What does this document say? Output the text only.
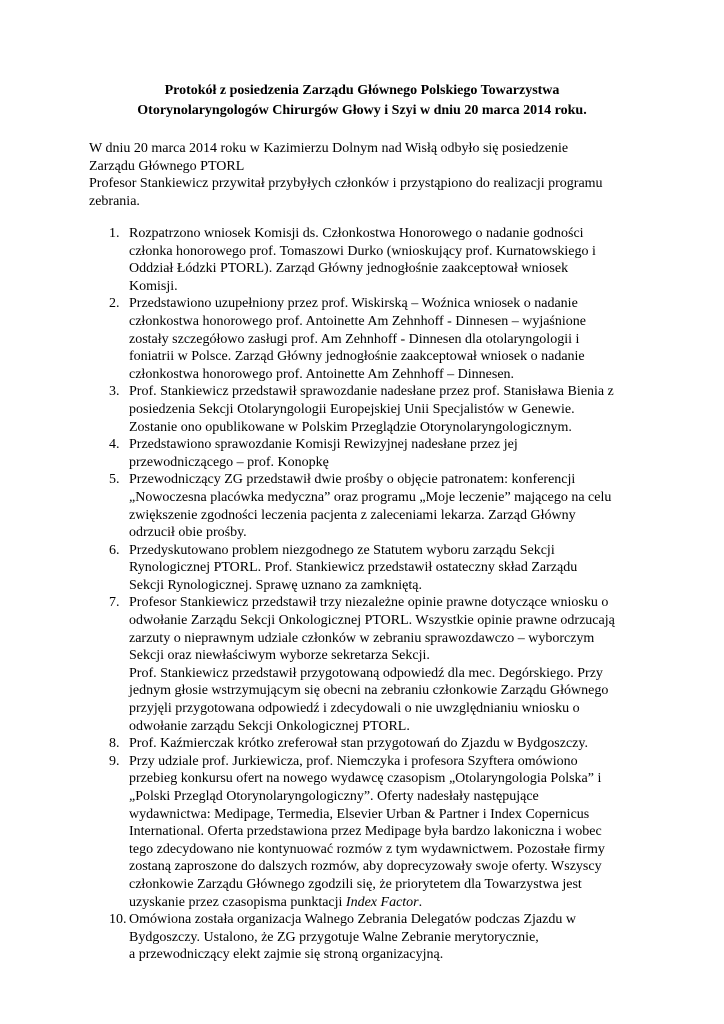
Protokół z posiedzenia Zarządu Głównego Polskiego Towarzystwa
Otorynolaryngologów Chirurgów Głowy i Szyi w dniu 20 marca 2014 roku.
W dniu 20 marca 2014 roku w Kazimierzu Dolnym nad Wisłą odbyło się posiedzenie
Zarządu Głównego PTORL
Profesor Stankiewicz przywitał przybyłych członków i przystąpiono do realizacji programu
zebrania.
1. Rozpatrzono wniosek Komisji ds. Członkostwa Honorowego o nadanie godności
członka honorowego prof. Tomaszowi Durko (wnioskujący prof. Kurnatowskiego i
Oddział Łódzki PTORL). Zarząd Główny jednogłośnie zaakceptował wniosek
Komisji.
2. Przedstawiono uzupełniony przez prof. Wiskirską – Woźnica wniosek o nadanie
członkostwa honorowego prof. Antoinette Am Zehnhoff - Dinnesen – wyjaśnione
zostały szczegółowo zasługi prof. Am Zehnhoff - Dinnesen dla otolaryngologii i
foniatrii w Polsce. Zarząd Główny jednogłośnie zaakceptował wniosek o nadanie
członkostwa honorowego prof. Antoinette Am Zehnhoff – Dinnesen.
3. Prof. Stankiewicz przedstawił sprawozdanie nadesłane przez prof. Stanisława Bienia z
posiedzenia Sekcji Otolaryngologii Europejskiej Unii Specjalistów w Genewie.
Zostanie ono opublikowane w Polskim Przeglądzie Otorynolaryngologicznym.
4. Przedstawiono sprawozdanie Komisji Rewizyjnej nadesłane przez jej
przewodniczącego – prof. Konopkę
5. Przewodniczący ZG przedstawił dwie prośby o objęcie patronatem: konferencji
„Nowoczesna placówka medyczna” oraz programu „Moje leczenie” mającego na celu
zwiększenie zgodności leczenia pacjenta z zaleceniami lekarza. Zarząd Główny
odrzucił obie prośby.
6. Przedyskutowano problem niezgodnego ze Statutem wyboru zarządu Sekcji
Rynologicznej PTORL. Prof. Stankiewicz przedstawił ostateczny skład Zarządu
Sekcji Rynologicznej. Sprawę uznano za zamkniętą.
7. Profesor Stankiewicz przedstawił trzy niezależne opinie prawne dotyczące wniosku o
odwołanie Zarządu Sekcji Onkologicznej PTORL. Wszystkie opinie prawne odrzucają
zarzuty o nieprawnym udziale członków w zebraniu sprawozdawczo – wyborczym
Sekcji oraz niewłaściwym wyborze sekretarza Sekcji.
Prof. Stankiewicz przedstawił przygotowaną odpowiedź dla mec. Degórskiego. Przy
jednym głosie wstrzymującym się obecni na zebraniu członkowie Zarządu Głównego
przyjęli przygotowana odpowiedź i zdecydowali o nie uwzględnianiu wniosku o
odwołanie zarządu Sekcji Onkologicznej PTORL.
8. Prof. Kaźmierczak krótko zreferował stan przygotowań do Zjazdu w Bydgoszczy.
9. Przy udziale prof. Jurkiewicza, prof. Niemczyka i profesora Szyftera omówiono
przebieg konkursu ofert na nowego wydawcę czasopism „Otolaryngologia Polska” i
„Polski Przegląd Otorynolaryngologiczny”. Oferty nadesłały następujące
wydawnictwa: Medipage, Termedia, Elsevier Urban & Partner i Index Copernicus
International. Oferta przedstawiona przez Medipage była bardzo lakoniczna i wobec
tego zdecydowano nie kontynuować rozmów z tym wydawnictwem. Pozostałe firmy
zostaną zaproszone do dalszych rozmów, aby doprecyzowały swoje oferty. Wszyscy
członkowie Zarządu Głównego zgodzili się, że priorytetem dla Towarzystwa jest
uzyskanie przez czasopisma punktacji Index Factor.
10. Omówiona została organizacja Walnego Zebrania Delegatów podczas Zjazdu w
Bydgoszczy. Ustalono, że ZG przygotuje Walne Zebranie merytorycznie,
a przewodniczący elekt zajmie się stroną organizacyjną.
